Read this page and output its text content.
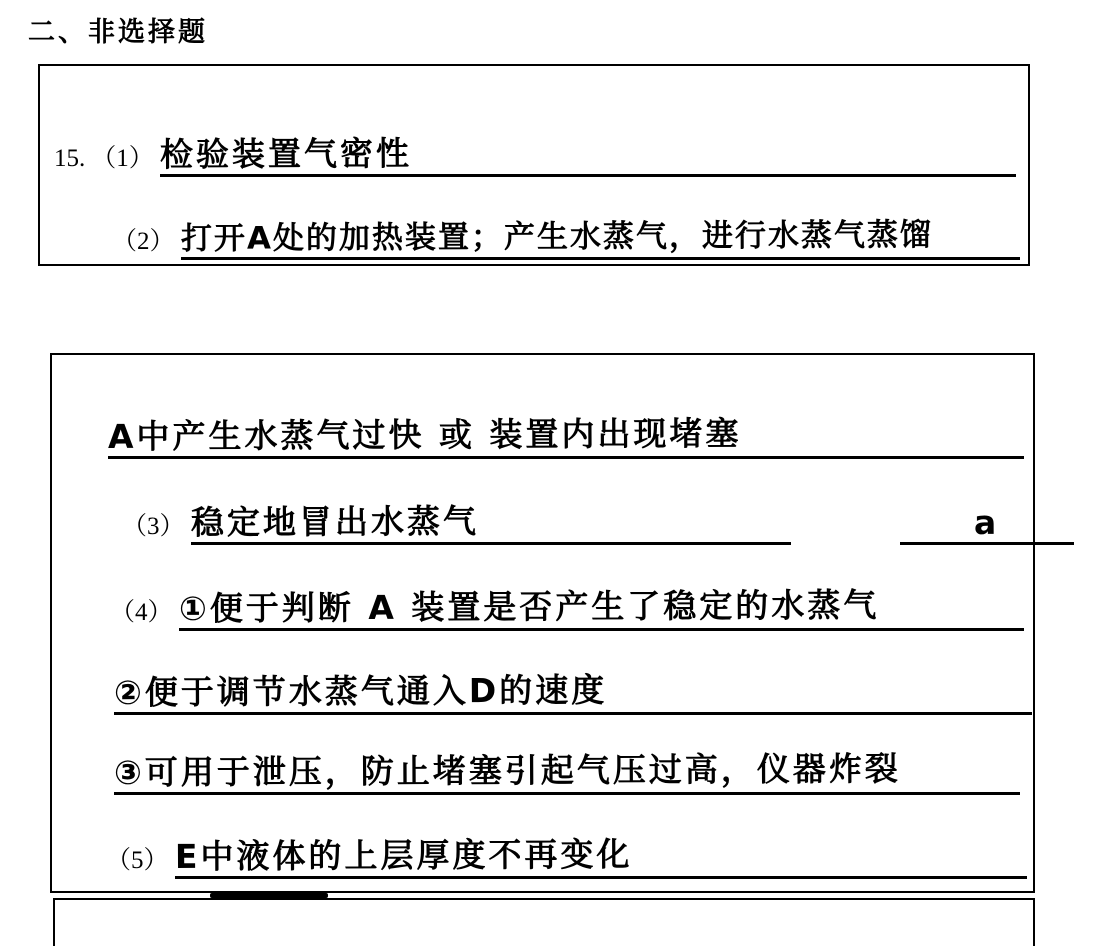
二、非选择题
15. （1） 检验装置气密性
（2） 打开A处的加热装置；产生水蒸气，进行水蒸气蒸馏
A中产生水蒸气过快 或 装置内出现堵塞
（3） 稳定地冒出水蒸气	a
（4） ①便于判断 A 装置是否产生了稳定的水蒸气
②便于调节水蒸气通入D的速度
③可用于泄压，防止堵塞引起气压过高，仪器炸裂
（5） E中液体的上层厚度不再变化
